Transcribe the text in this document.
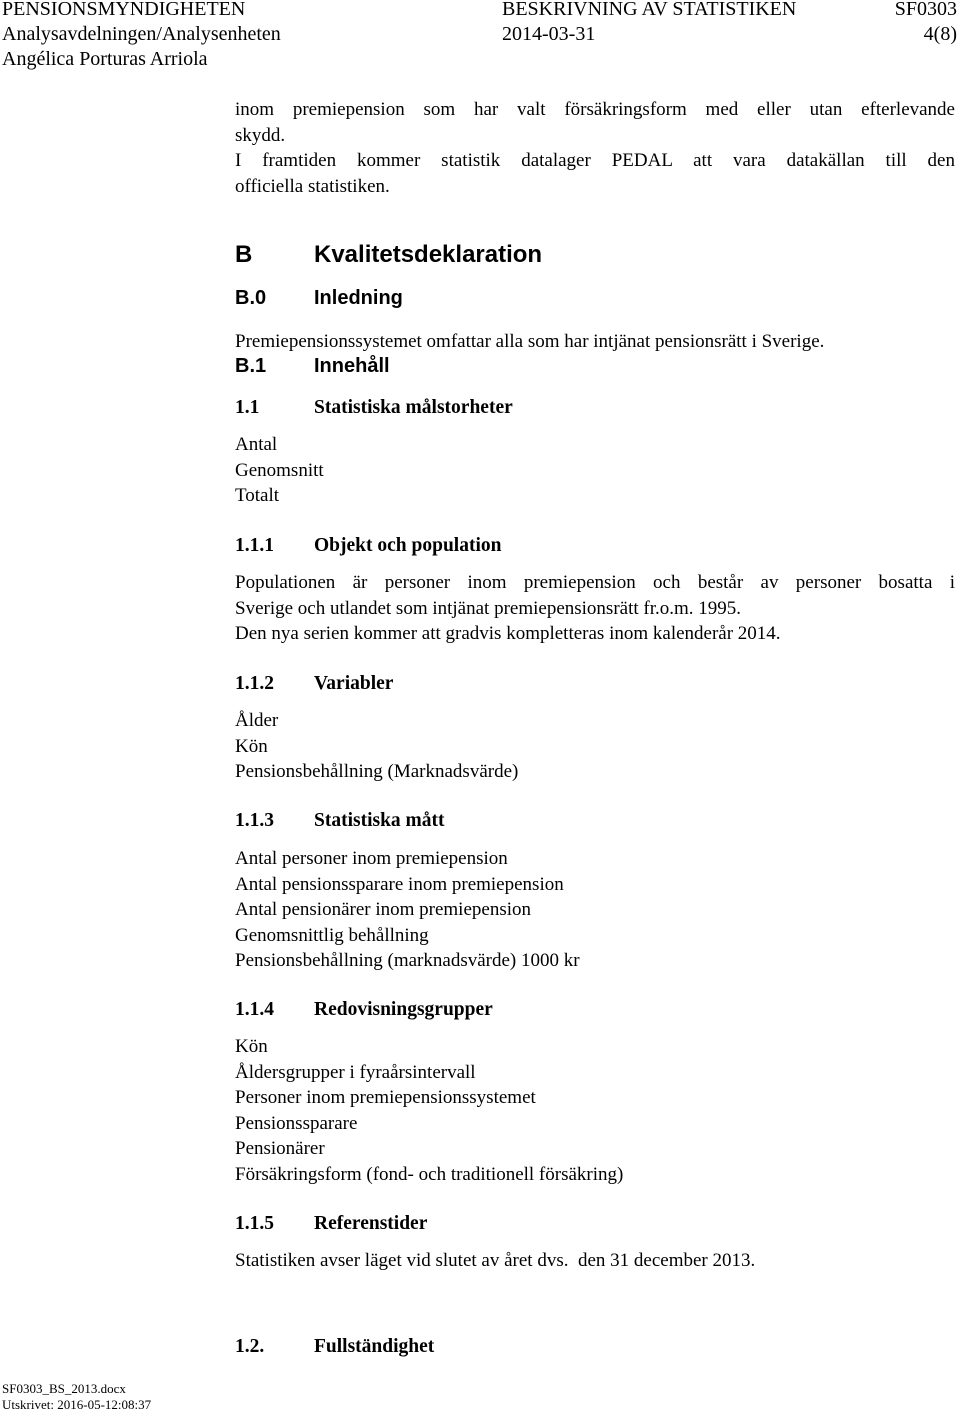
PENSIONSMYNDIGHETEN	BESKRIVNING AV STATISTIKEN	SF0303
Analysavdelningen/Analysenheten	2014-03-31	4(8)
Angélica Porturas Arriola
inom premiepension som har valt försäkringsform med eller utan efterlevande
skydd.
I framtiden kommer statistik datalager PEDAL att vara datakällan till den
officiella statistiken.
B	Kvalitetsdeklaration
B.0 Inledning
Premiepensionssystemet omfattar alla som har intjänat pensionsrätt i Sverige.
B.1 Innehåll
1.1	Statistiska målstorheter
Antal
Genomsnitt
Totalt
1.1.1 Objekt och population
Populationen är personer inom premiepension och består av personer bosatta i
Sverige och utlandet som intjänat premiepensionsrätt fr.o.m. 1995.
Den nya serien kommer att gradvis kompletteras inom kalenderår 2014.
1.1.2 Variabler
Ålder
Kön
Pensionsbehållning (Marknadsvärde)
1.1.3 Statistiska mått
Antal personer inom premiepension
Antal pensionssparare inom premiepension
Antal pensionärer inom premiepension
Genomsnittlig behållning
Pensionsbehållning (marknadsvärde) 1000 kr
1.1.4 Redovisningsgrupper
Kön
Åldersgrupper i fyraårsintervall
Personer inom premiepensionssystemet
Pensionssparare
Pensionärer
Försäkringsform (fond- och traditionell försäkring)
1.1.5 Referenstider
Statistiken avser läget vid slutet av året dvs.  den 31 december 2013.
1.2.	Fullständighet
SF0303_BS_2013.docx
Utskrivet: 2016-05-12:08:37
